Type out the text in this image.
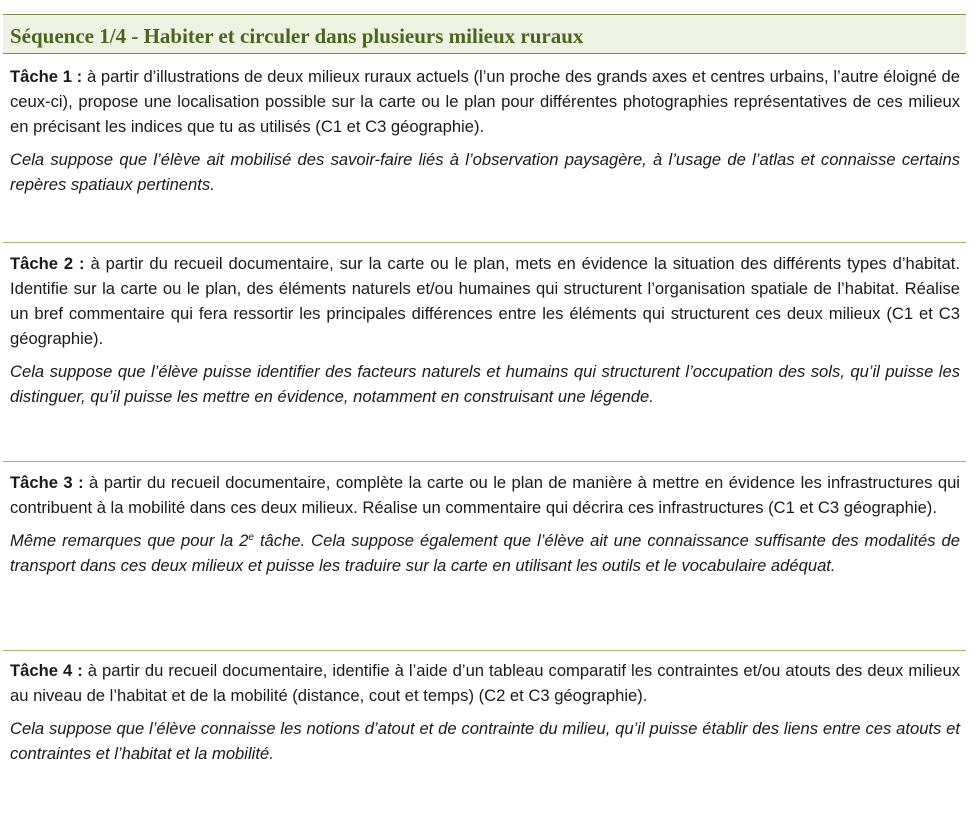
Séquence 1/4 - Habiter et circuler dans plusieurs milieux ruraux

Tâche 1 : à partir d’illustrations de deux milieux ruraux actuels (l’un proche des grands axes et centres urbains, l’autre éloigné de ceux-ci), propose une localisation possible sur la carte ou le plan pour différentes photographies représentatives de ces milieux en précisant les indices que tu as utilisés (C1 et C3 géographie).

Cela suppose que l’élève ait mobilisé des savoir-faire liés à l’observation paysagère, à l’usage de l’atlas et connaisse certains repères spatiaux pertinents.

Tâche 2 : à partir du recueil documentaire, sur la carte ou le plan, mets en évidence la situation des différents types d’habitat. Identifie sur la carte ou le plan, des éléments naturels et/ou humaines qui structurent l’organisation spatiale de l’habitat. Réalise un bref commentaire qui fera ressortir les principales différences entre les éléments qui structurent ces deux milieux (C1 et C3 géographie).

Cela suppose que l’élève puisse identifier des facteurs naturels et humains qui structurent l’occupation des sols, qu’il puisse les distinguer, qu’il puisse les mettre en évidence, notamment en construisant une légende.

Tâche 3 : à partir du recueil documentaire, complète la carte ou le plan de manière à mettre en évidence les infrastructures qui contribuent à la mobilité dans ces deux milieux. Réalise un commentaire qui décrira ces infrastructures (C1 et C3 géographie).

Même remarques que pour la 2e tâche. Cela suppose également que l’élève ait une connaissance suffisante des modalités de transport dans ces deux milieux et puisse les traduire sur la carte en utilisant les outils et le vocabulaire adéquat.

Tâche 4 : à partir du recueil documentaire, identifie à l’aide d’un tableau comparatif les contraintes et/ou atouts des deux milieux au niveau de l’habitat et de la mobilité (distance, cout et temps) (C2 et C3 géographie).

Cela suppose que l’élève connaisse les notions d’atout et de contrainte du milieu, qu’il puisse établir des liens entre ces atouts et contraintes et l’habitat et la mobilité.
